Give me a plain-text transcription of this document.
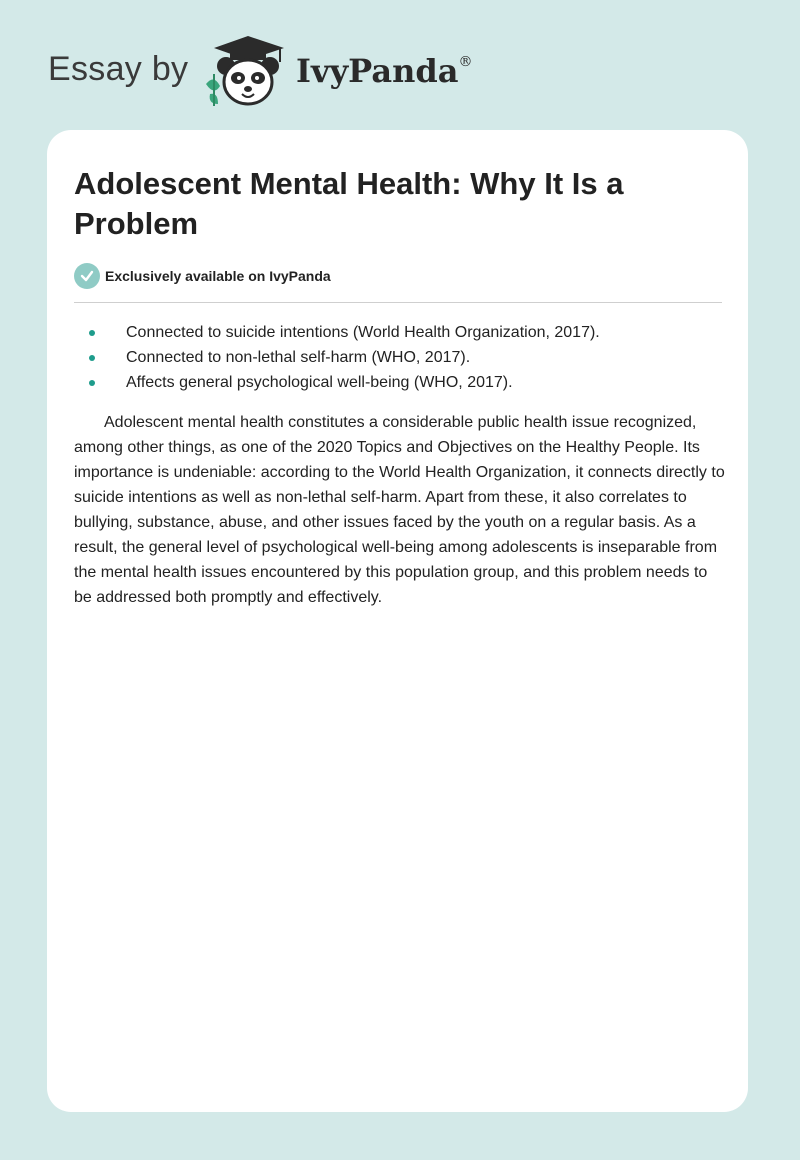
Essay by	IvyPanda®
Adolescent Mental Health: Why It Is a Problem
Exclusively available on IvyPanda
Connected to suicide intentions (World Health Organization, 2017).
Connected to non-lethal self-harm (WHO, 2017).
Affects general psychological well-being (WHO, 2017).

Adolescent mental health constitutes a considerable public health issue recognized, among other things, as one of the 2020 Topics and Objectives on the Healthy People. Its importance is undeniable: according to the World Health Organization, it connects directly to suicide intentions as well as non-lethal self-harm. Apart from these, it also correlates to bullying, substance, abuse, and other issues faced by the youth on a regular basis. As a result, the general level of psychological well-being among adolescents is inseparable from the mental health issues encountered by this population group, and this problem needs to be addressed both promptly and effectively.
